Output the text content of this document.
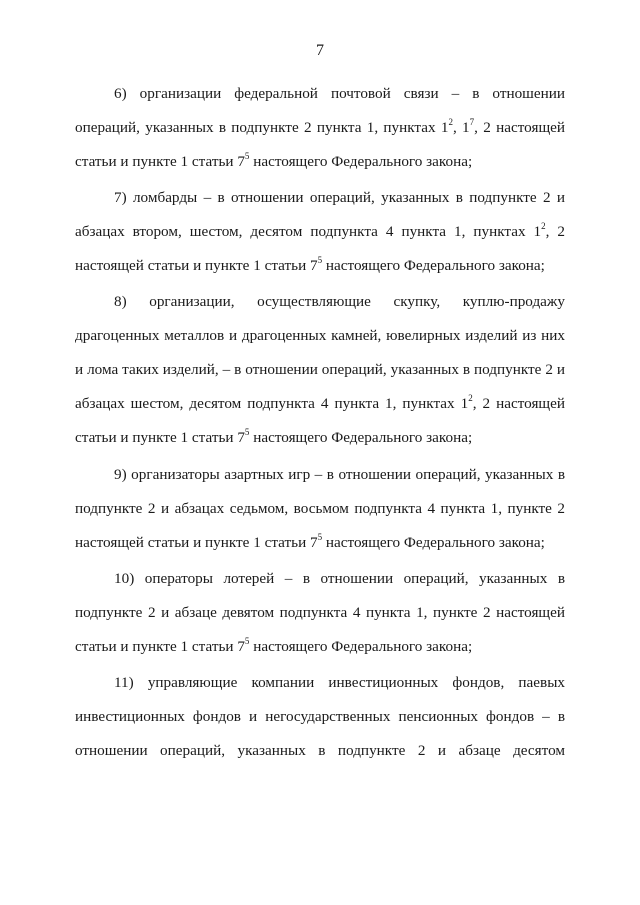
7
6) организации федеральной почтовой связи – в отношении
операций, указанных в подпункте 2 пункта 1, пунктах $1^2$, $1^7$, 2 настоящей
статьи и пункте 1 статьи $7^5$ настоящего Федерального закона;
7) ломбарды – в отношении операций, указанных в подпункте 2 и
абзацах втором, шестом, десятом подпункта 4 пункта 1, пунктах $1^2$, 2
настоящей статьи и пункте 1 статьи $7^5$ настоящего Федерального закона;
8) организации, осуществляющие скупку, куплю-продажу
драгоценных металлов и драгоценных камней, ювелирных изделий из них
и лома таких изделий, – в отношении операций, указанных в подпункте 2 и
абзацах шестом, десятом подпункта 4 пункта 1, пунктах $1^2$, 2 настоящей
статьи и пункте 1 статьи $7^5$ настоящего Федерального закона;
9) организаторы азартных игр – в отношении операций, указанных в
подпункте 2 и абзацах седьмом, восьмом подпункта 4 пункта 1, пункте 2
настоящей статьи и пункте 1 статьи $7^5$ настоящего Федерального закона;
10) операторы лотерей – в отношении операций, указанных в
подпункте 2 и абзаце девятом подпункта 4 пункта 1, пункте 2 настоящей
статьи и пункте 1 статьи $7^5$ настоящего Федерального закона;
11) управляющие компании инвестиционных фондов, паевых
инвестиционных фондов и негосударственных пенсионных фондов – в
отношении операций, указанных в подпункте 2 и абзаце десятом
